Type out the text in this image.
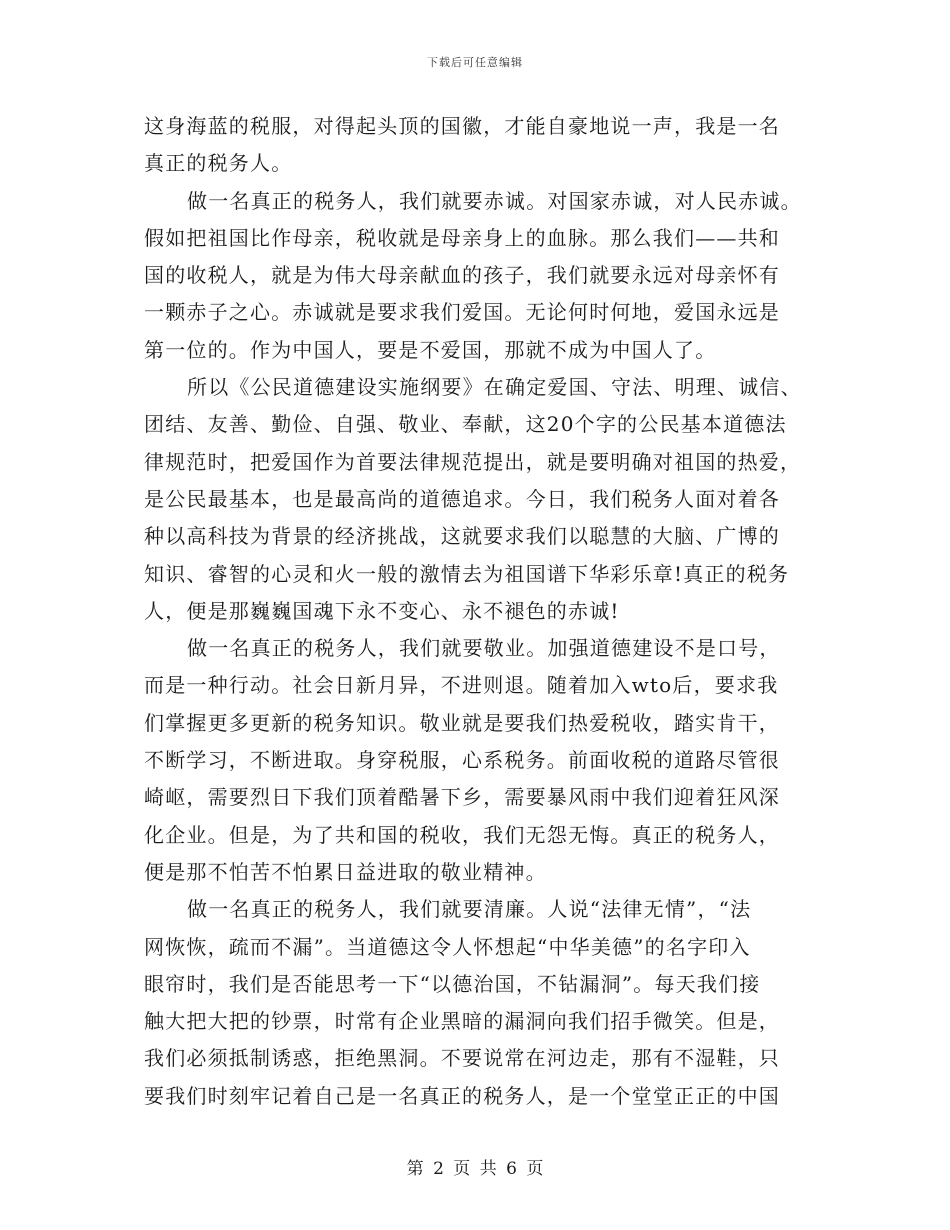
下载后可任意编辑
这身海蓝的税服，对得起头顶的国徽，才能自豪地说一声，我是一名
真正的税务人。
做一名真正的税务人，我们就要赤诚。对国家赤诚，对人民赤诚。
假如把祖国比作母亲，税收就是母亲身上的血脉。那么我们——共和
国的收税人，就是为伟大母亲献血的孩子，我们就要永远对母亲怀有
一颗赤子之心。赤诚就是要求我们爱国。无论何时何地，爱国永远是
第一位的。作为中国人，要是不爱国，那就不成为中国人了。
所以《公民道德建设实施纲要》在确定爱国、守法、明理、诚信、
团结、友善、勤俭、自强、敬业、奉献，这20个字的公民基本道德法
律规范时，把爱国作为首要法律规范提出，就是要明确对祖国的热爱，
是公民最基本，也是最高尚的道德追求。今日，我们税务人面对着各
种以高科技为背景的经济挑战，这就要求我们以聪慧的大脑、广博的
知识、睿智的心灵和火一般的激情去为祖国谱下华彩乐章!真正的税务
人，便是那巍巍国魂下永不变心、永不褪色的赤诚!
做一名真正的税务人，我们就要敬业。加强道德建设不是口号，
而是一种行动。社会日新月异，不进则退。随着加入wto后，要求我
们掌握更多更新的税务知识。敬业就是要我们热爱税收，踏实肯干，
不断学习，不断进取。身穿税服，心系税务。前面收税的道路尽管很
崎岖，需要烈日下我们顶着酷暑下乡，需要暴风雨中我们迎着狂风深
化企业。但是，为了共和国的税收，我们无怨无悔。真正的税务人，
便是那不怕苦不怕累日益进取的敬业精神。
做一名真正的税务人，我们就要清廉。人说“法律无情”，“法
网恢恢，疏而不漏”。当道德这令人怀想起“中华美德”的名字印入
眼帘时，我们是否能思考一下“以德治国，不钻漏洞”。每天我们接
触大把大把的钞票，时常有企业黑暗的漏洞向我们招手微笑。但是，
我们必须抵制诱惑，拒绝黑洞。不要说常在河边走，那有不湿鞋，只
要我们时刻牢记着自己是一名真正的税务人，是一个堂堂正正的中国
第 2 页 共 6 页
